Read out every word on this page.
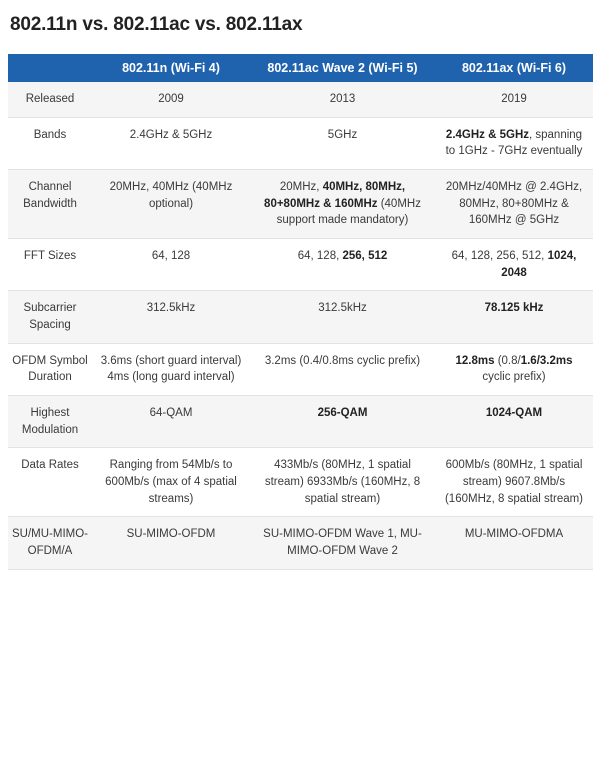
802.11n vs. 802.11ac vs. 802.11ax
	802.11n (Wi-Fi 4)	802.11ac Wave 2 (Wi-Fi 5)	802.11ax (Wi-Fi 6)
Released	2009	2013	2019
Bands	2.4GHz & 5GHz	5GHz	2.4GHz & 5GHz, spanning to 1GHz - 7GHz eventually
Channel Bandwidth	20MHz, 40MHz (40MHz optional)	20MHz, 40MHz, 80MHz, 80+80MHz & 160MHz (40MHz support made mandatory)	20MHz/40MHz @ 2.4GHz, 80MHz, 80+80MHz & 160MHz @ 5GHz
FFT Sizes	64, 128	64, 128, 256, 512	64, 128, 256, 512, 1024, 2048
Subcarrier Spacing	312.5kHz	312.5kHz	78.125 kHz
OFDM Symbol Duration	3.6ms (short guard interval) 4ms (long guard interval)	3.2ms (0.4/0.8ms cyclic prefix)	12.8ms (0.8/1.6/3.2ms cyclic prefix)
Highest Modulation	64-QAM	256-QAM	1024-QAM
Data Rates	Ranging from 54Mb/s to 600Mb/s (max of 4 spatial streams)	433Mb/s (80MHz, 1 spatial stream) 6933Mb/s (160MHz, 8 spatial stream)	600Mb/s (80MHz, 1 spatial stream) 9607.8Mb/s (160MHz, 8 spatial stream)
SU/MU-MIMO-OFDM/A	SU-MIMO-OFDM	SU-MIMO-OFDM Wave 1, MU-MIMO-OFDM Wave 2	MU-MIMO-OFDMA
